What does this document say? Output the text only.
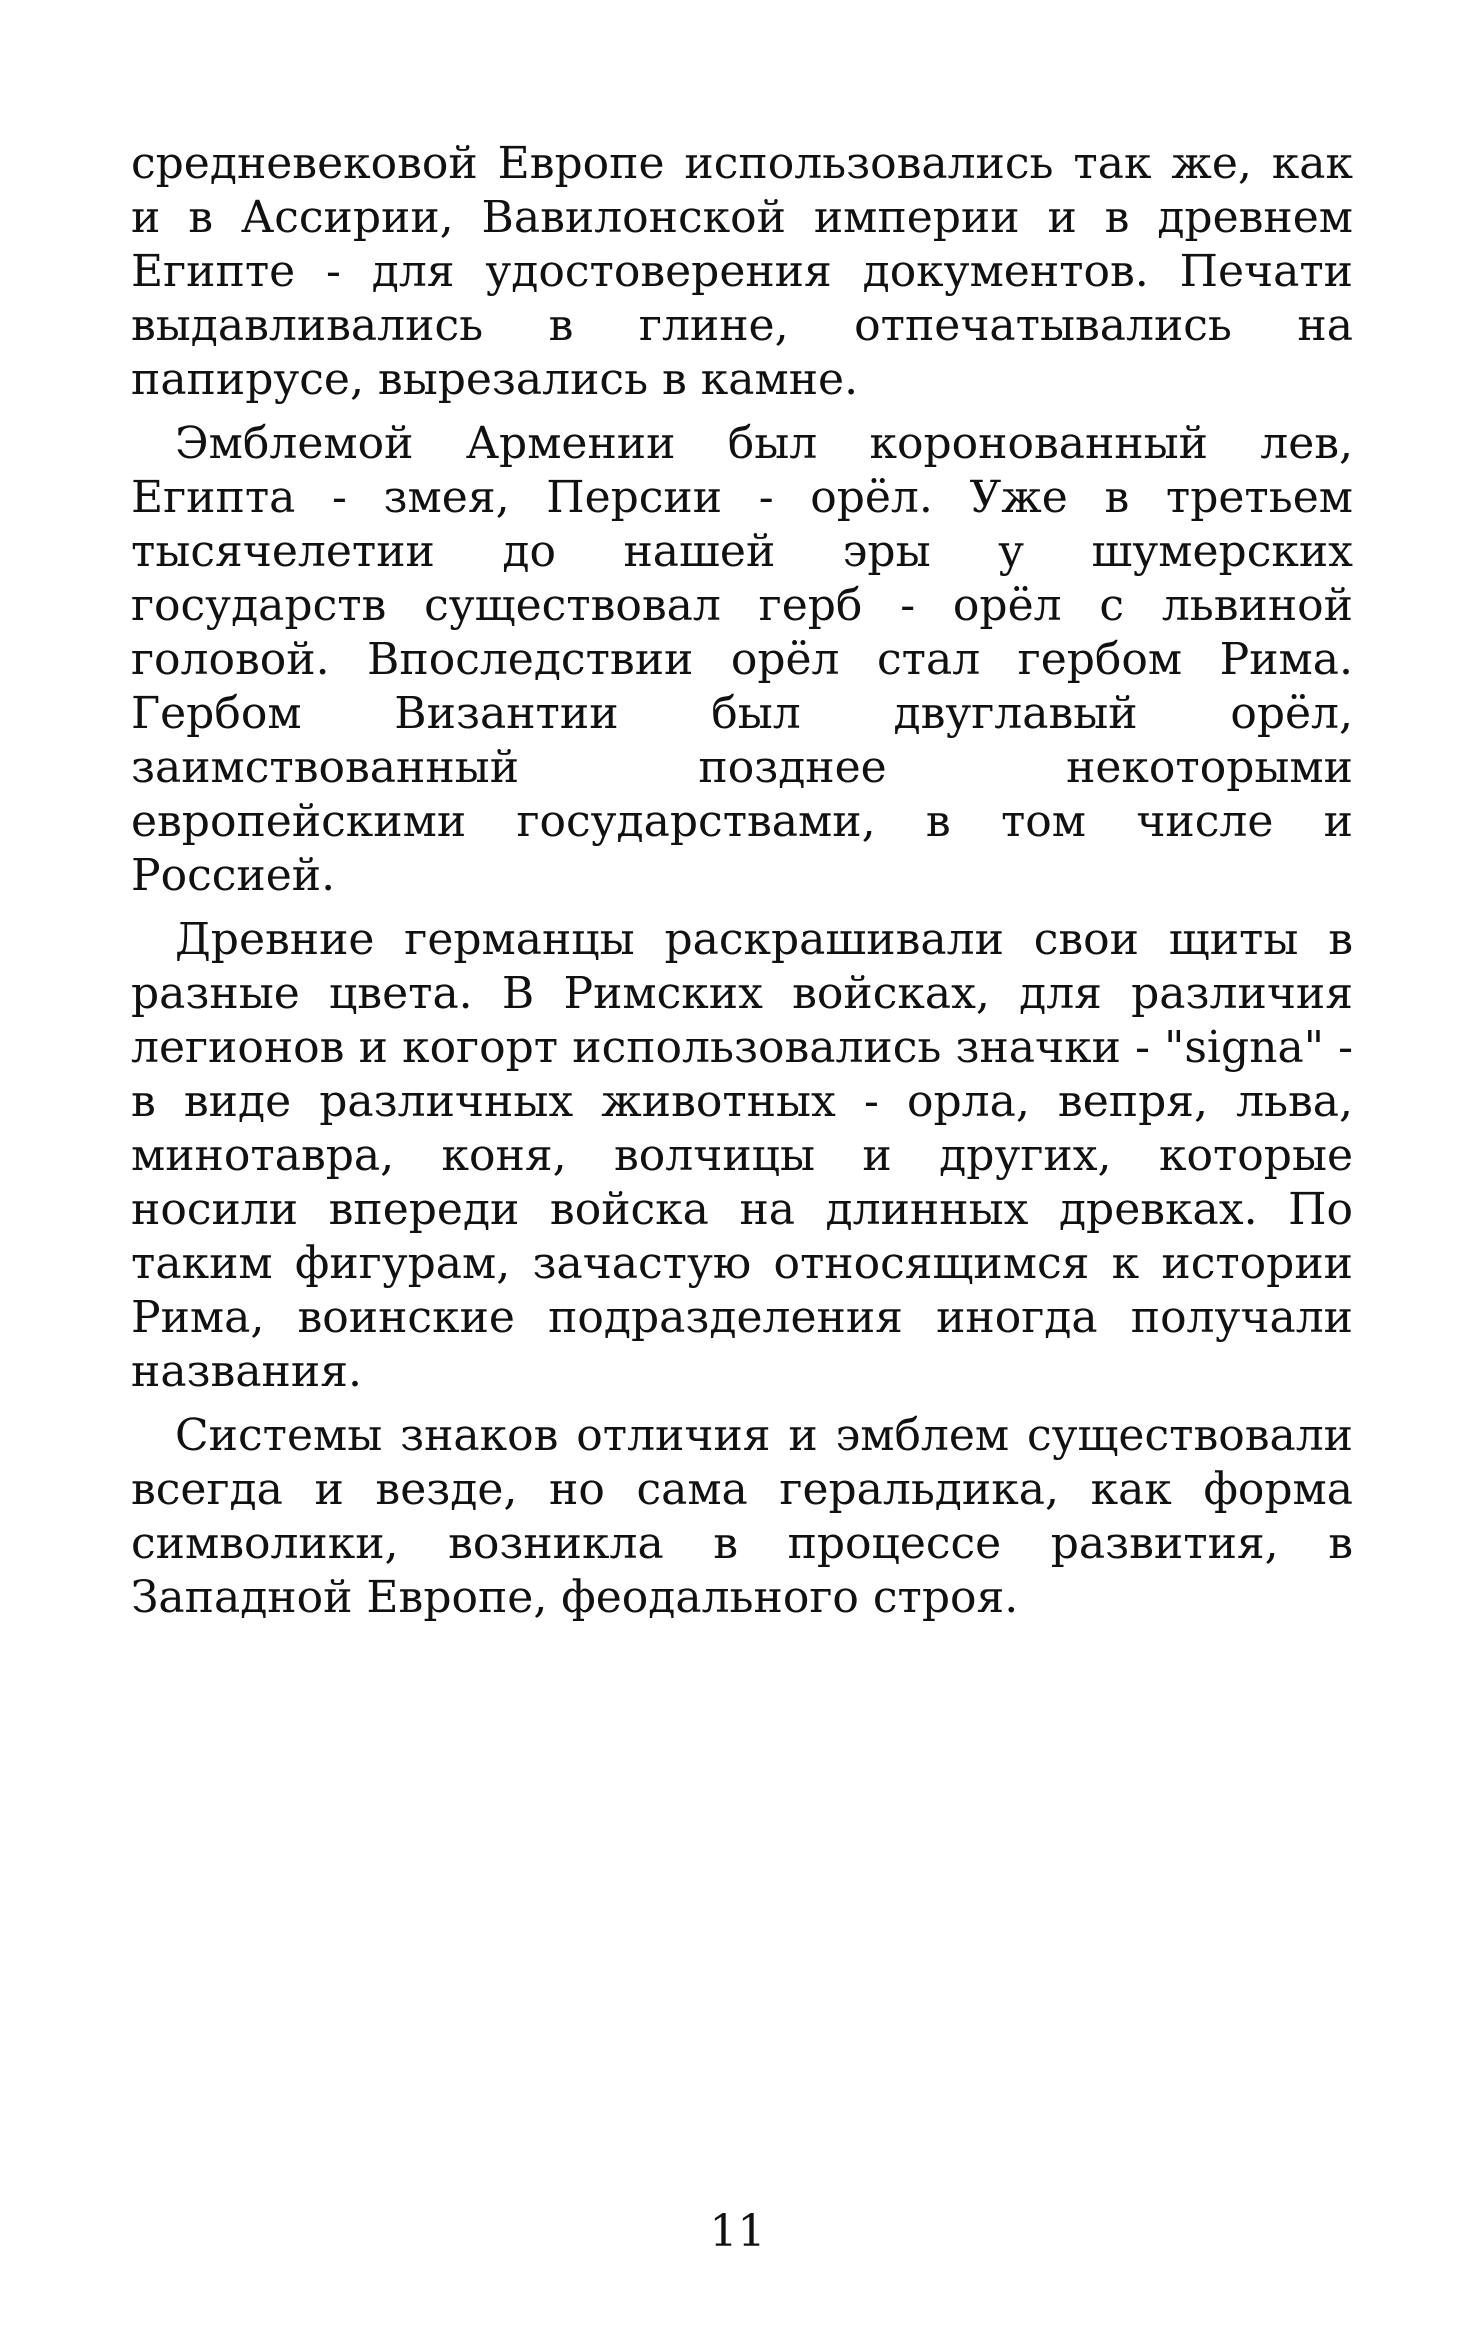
средневековой Европе использовались так же, как
и в Ассирии, Вавилонской империи и в древнем
Египте - для удостоверения документов. Печати
выдавливались в глине, отпечатывались на
папирусе, вырезались в камне.

Эмблемой Армении был коронованный лев,
Египта - змея, Персии - орёл. Уже в третьем
тысячелетии до нашей эры у шумерских
государств существовал герб - орёл с львиной
головой. Впоследствии орёл стал гербом Рима.
Гербом Византии был двуглавый орёл,
заимствованный позднее некоторыми
европейскими государствами, в том числе и
Россией.

Древние германцы раскрашивали свои щиты в
разные цвета. В Римских войсках, для различия
легионов и когорт использовались значки - "signa" -
в виде различных животных - орла, вепря, льва,
минотавра, коня, волчицы и других, которые
носили впереди войска на длинных древках. По
таким фигурам, зачастую относящимся к истории
Рима, воинские подразделения иногда получали
названия.

Системы знаков отличия и эмблем существовали
всегда и везде, но сама геральдика, как форма
символики, возникла в процессе развития, в
Западной Европе, феодального строя.

11
